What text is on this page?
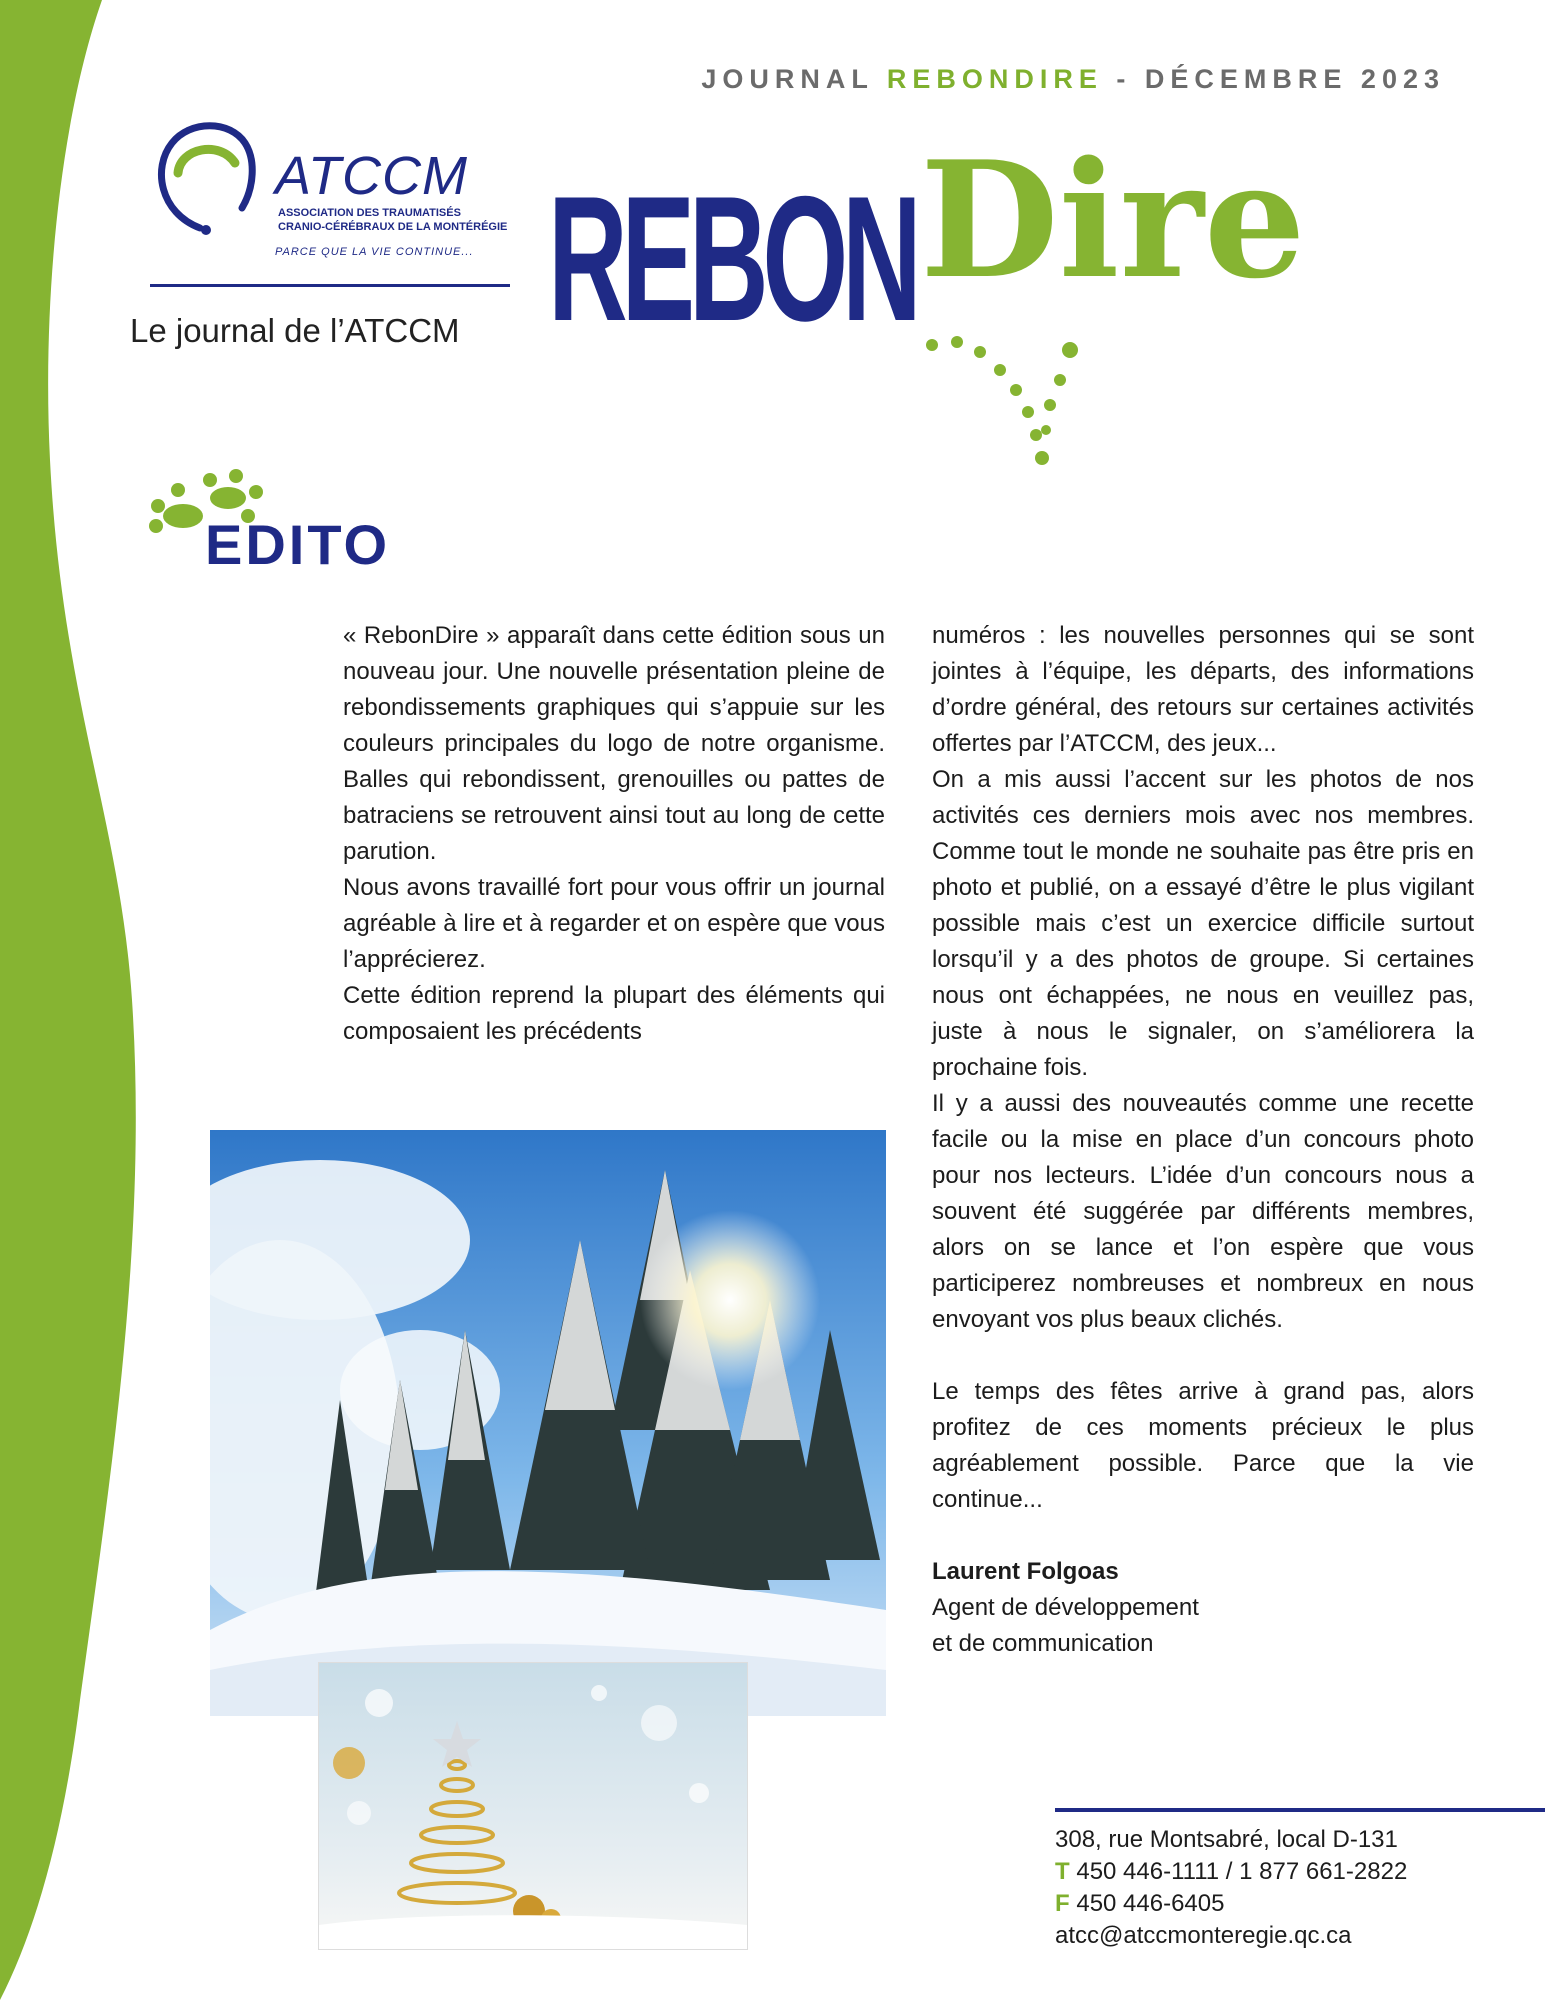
JOURNAL REBONDIRE - DÉCEMBRE 2023
ATCCM
ASSOCIATION DES TRAUMATISÉS
CRANIO-CÉRÉBRAUX DE LA MONTÉRÉGIE
PARCE QUE LA VIE CONTINUE...
Le journal de l’ATCCM REBON Dire
EDITO

« RebonDire » apparaît dans cette édition sous un nouveau jour. Une nouvelle présentation pleine de rebondissements graphiques qui s’appuie sur les couleurs principales du logo de notre organisme. Balles qui rebondissent, grenouilles ou pattes de batraciens se retrouvent ainsi tout au long de cette parution.

Nous avons travaillé fort pour vous offrir un journal agréable à lire et à regarder et on espère que vous l’apprécierez.

Cette édition reprend la plupart des éléments qui composaient les précédents

numéros : les nouvelles personnes qui se sont jointes à l’équipe, les départs, des informations d’ordre général, des retours sur certaines activités offertes par l’ATCCM, des jeux...

On a mis aussi l’accent sur les photos de nos activités ces derniers mois avec nos membres. Comme tout le monde ne souhaite pas être pris en photo et publié, on a essayé d’être le plus vigilant possible mais c’est un exercice difficile surtout lorsqu’il y a des photos de groupe. Si certaines nous ont échappées, ne nous en veuillez pas, juste à nous le signaler, on s’améliorera la prochaine fois.

Il y a aussi des nouveautés comme une recette facile ou la mise en place d’un concours photo pour nos lecteurs. L’idée d’un concours nous a souvent été suggérée par différents membres, alors on se lance et l’on espère que vous participerez nombreuses et nombreux en nous envoyant vos plus beaux clichés.

Le temps des fêtes arrive à grand pas, alors profitez de ces moments précieux le plus agréablement possible. Parce que la vie continue...

Laurent Folgoas

Agent de développement

et de communication

308, rue Montsabré, local D-131
T 450 446-1111 / 1 877 661-2822
F 450 446-6405
atcc@atccmonteregie.qc.ca
